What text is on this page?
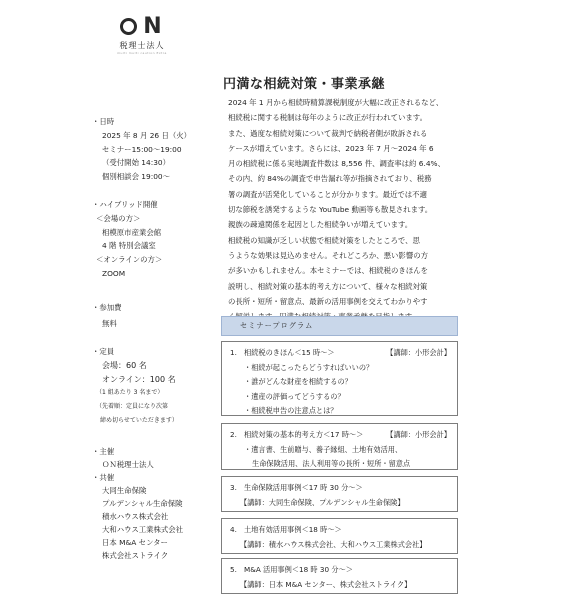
N
税理士法人
multi multi caution Extra
円満な相続対策・事業承継

2024 年 1 月から相続時精算課税制度が大幅に改正されるなど、

相続税に関する税制は毎年のように改正が行われています。

また、過度な相続対策について裁判で納税者側が敗訴される

ケースが増えています。さらには、2023 年 7 月～2024 年 6

月の相続税に係る実地調査件数は 8,556 件、調査率は約 6.4%、

その内、約 84%の調査で申告漏れ等が指摘されており、税務

署の調査が活発化していることが分かります。最近では不適

切な節税を誘発するような YouTube 動画等も散見されます。

親族の疎遠関係を起因とした相続争いが増えています。

相続税の知識が乏しい状態で相続対策をしたところで、思

うような効果は見込めません。それどころか、悪い影響の方

が多いかもしれません。本セミナーでは、相続税のきほんを

説明し、相続対策の基本的考え方について、様々な相続対策

の長所・短所・留意点、最新の活用事例を交えてわかりやす

・日時
2025 年 8 月 26 日（火）
セミナー15:00～19:00
（受付開始 14:30）
個別相談会 19:00～
・ハイブリッド開催
＜会場の方＞
相模原市産業会館
4 階 特別会議室
＜オンラインの方＞
ZOOM
・参加費
無料
・定員
会場：60 名
オンライン：100 名
（1 組あたり 3 名まで）
（先着順：定員になり次第
締め切らせていただきます）
・主催
ＯＮ税理士法人
・共催
大同生命保険
プルデンシャル生命保険
積水ハウス株式会社
大和ハウス工業株式会社
日本 M&A センター
株式会社ストライク
セミナープログラム
1.　相続税のきほん＜15 時～＞	【講師：小形会計】
・相続が起こったらどうすればいいの？
・誰がどんな財産を相続するの？
・遺産の評価ってどうするの？
・相続税申告の注意点とは？
2.　相続対策の基本的考え方＜17 時～＞	【講師：小形会計】
・遺言書、生前贈与、養子縁組、土地有効活用、
生命保険活用、法人利用等の長所・短所・留意点
3.　生命保険活用事例＜17 時 30 分～＞
【講師：大同生命保険、プルデンシャル生命保険】
4.　土地有効活用事例＜18 時～＞
【講師：積水ハウス株式会社、大和ハウス工業株式会社】
5.　M&A 活用事例＜18 時 30 分～＞
【講師：日本 M&A センター、株式会社ストライク】
